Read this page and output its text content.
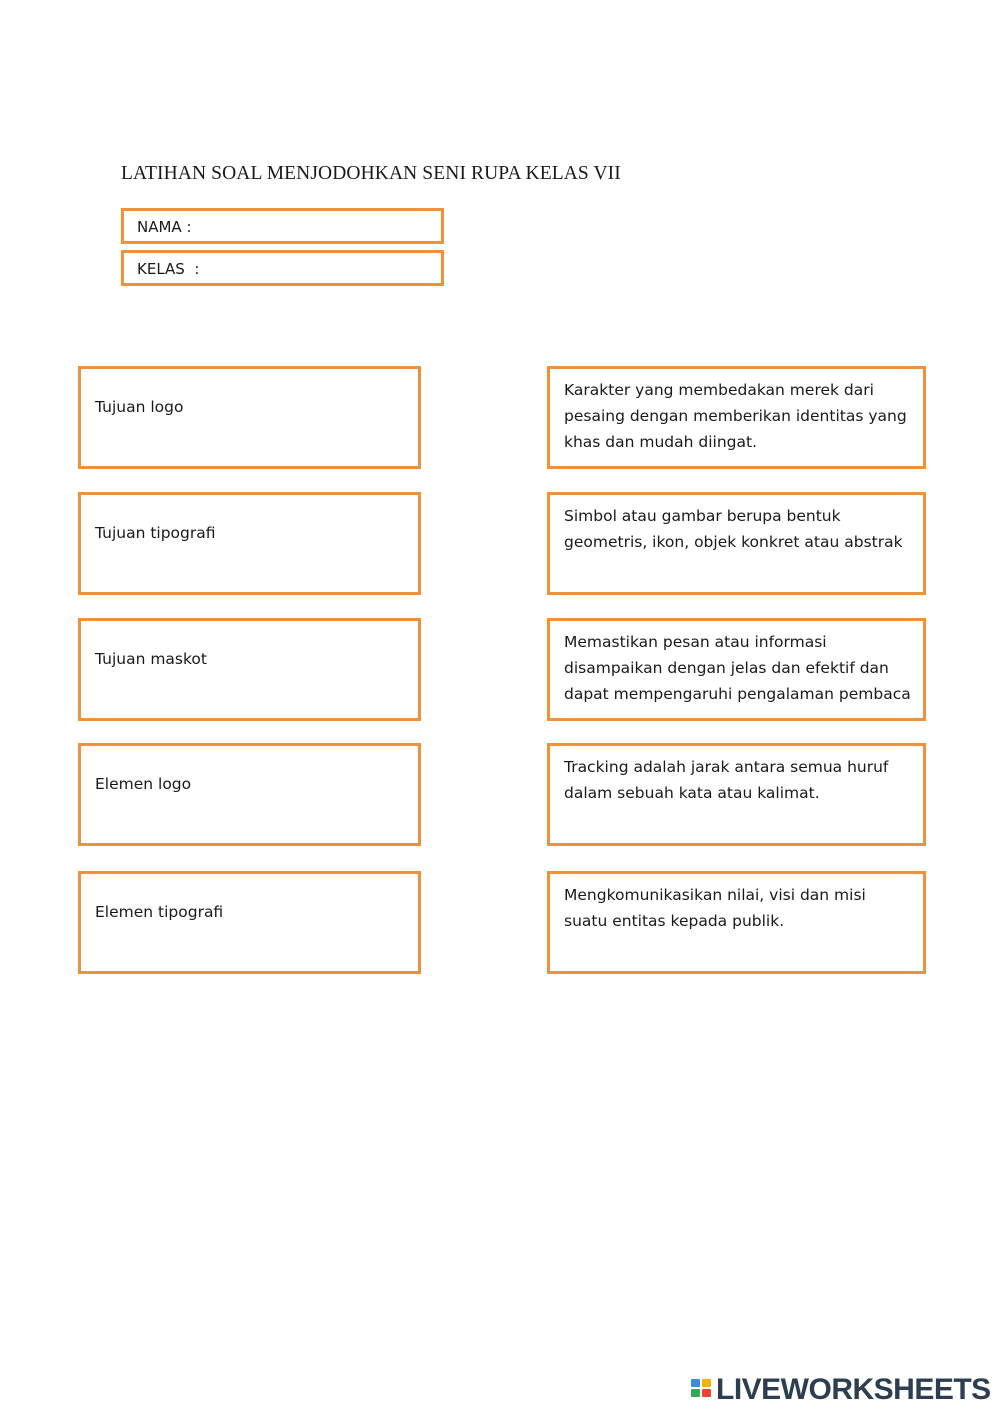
LATIHAN SOAL MENJODOHKAN SENI RUPA KELAS VII
NAMA :
KELAS  :
Tujuan logo
Tujuan tipografi
Tujuan maskot
Elemen logo
Elemen tipografi
Karakter yang membedakan merek dari pesaing dengan memberikan identitas yang khas dan mudah diingat.
Simbol atau gambar berupa bentuk geometris, ikon, objek konkret atau abstrak
Memastikan pesan atau informasi disampaikan dengan jelas dan efektif dan dapat mempengaruhi pengalaman pembaca
Tracking adalah jarak antara semua huruf dalam sebuah kata atau kalimat.
Mengkomunikasikan nilai, visi dan misi suatu entitas kepada publik.
LIVEWORKSHEETS
